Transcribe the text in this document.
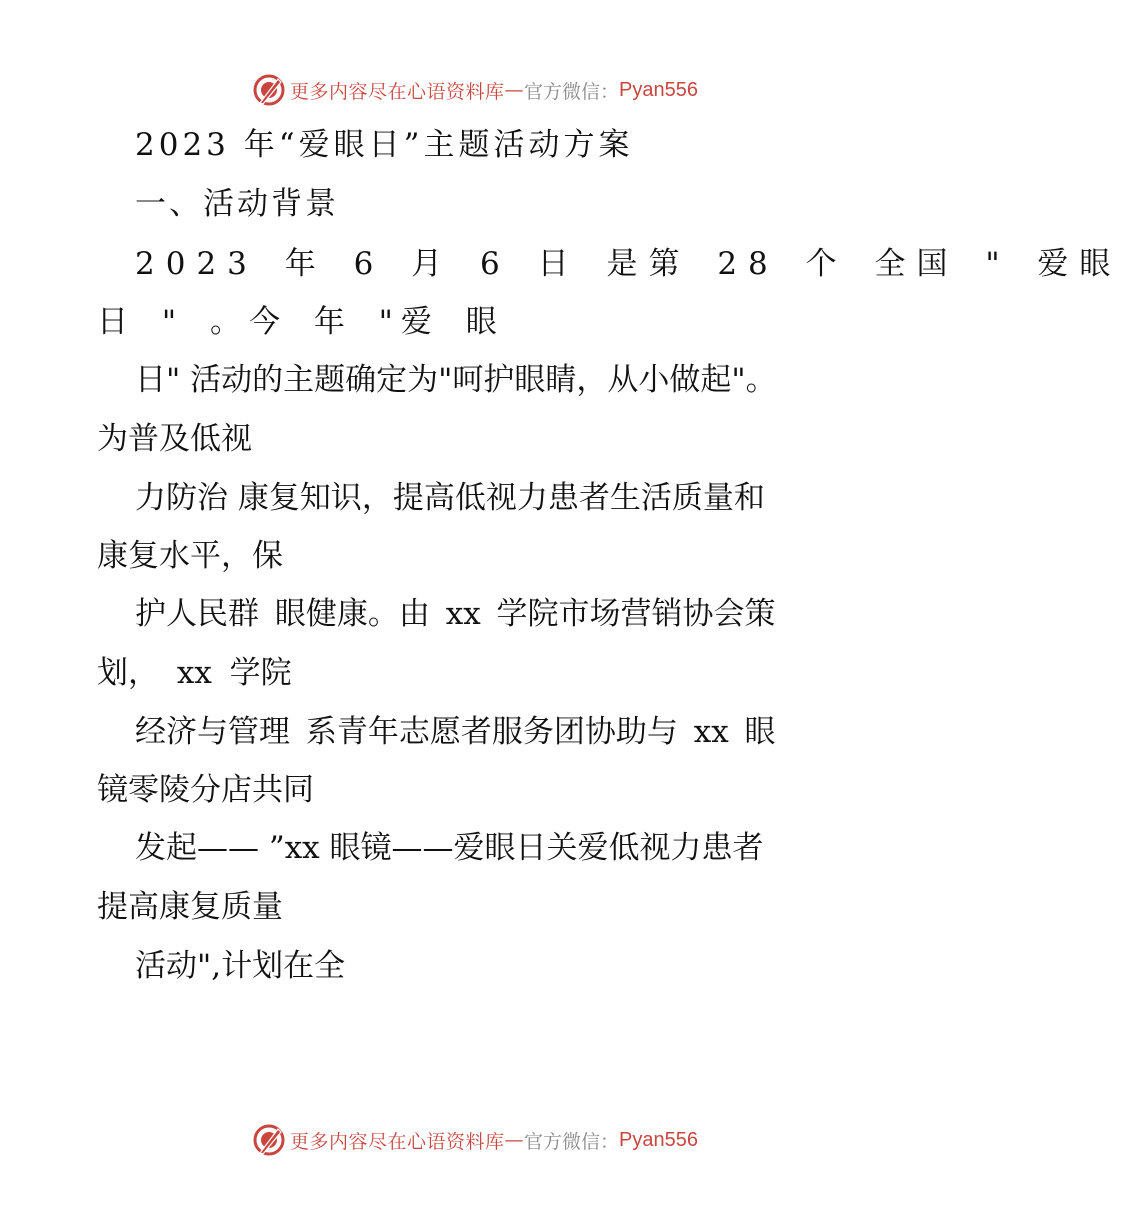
更多内容尽在心语资料库 — 官方微信： Pyan556
2023 年“爱眼日”主题活动方案
一、活动背景
2023 年 6 月 6 日 是第 28 个 全国 " 爱眼
日 " 。今 年 "爱 眼
日" 活动的主题确定为"呵护眼睛，从小做起"。
为普及低视
力防治 康复知识，提高低视力患者生活质量和
康复水平，保
护人民群 眼健康。由 xx 学院市场营销协会策
划， xx 学院
经济与管理 系青年志愿者服务团协助与 xx 眼
镜零陵分店共同
发起—— ”xx 眼镜——爱眼日关爱低视力患者
提高康复质量
活动",计划在全
更多内容尽在心语资料库 — 官方微信： Pyan556
